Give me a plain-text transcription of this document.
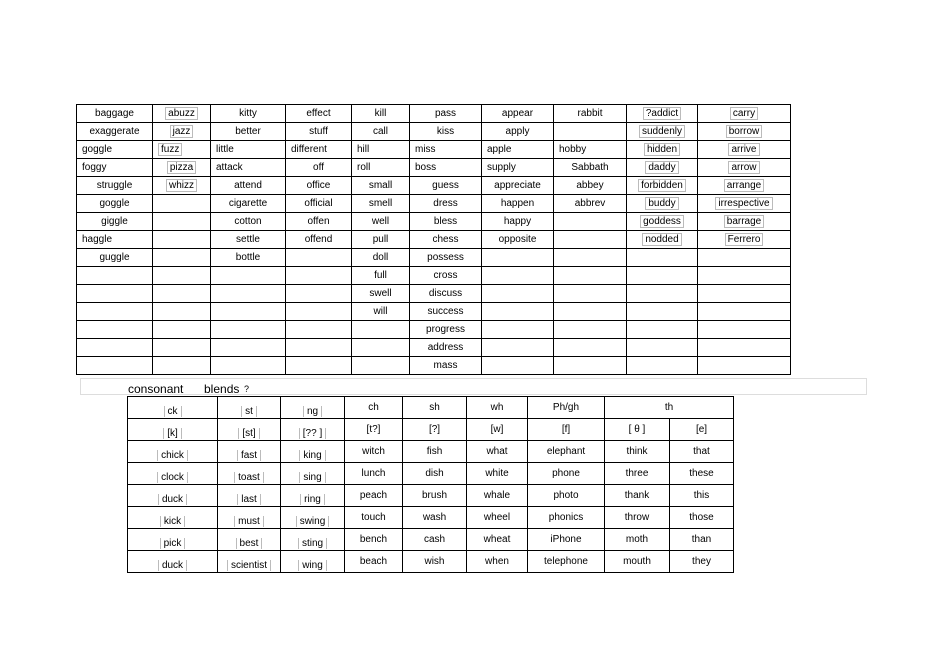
baggage	abuzz	kitty	effect	kill	pass	appear	rabbit	?addict	carry
exaggerate	jazz	better	stuff	call	kiss	apply		suddenly	borrow
goggle	fuzz	little	different	hill	miss	apple	hobby	hidden	arrive
foggy	pizza	attack	off	roll	boss	supply	Sabbath	daddy	arrow
struggle	whizz	attend	office	small	guess	appreciate	abbey	forbidden	arrange
goggle		cigarette	official	smell	dress	happen	abbrev	buddy	irrespective
giggle		cotton	offen	well	bless	happy		goddess	barrage
haggle		settle	offend	pull	chess	opposite		nodded	Ferrero
guggle		bottle		doll	possess				
				full	cross				
				swell	discuss				
				will	success				
					progress				
					address				
					mass				
consonant blends ?
ck	st	ng	ch	sh	wh	Ph/gh	th	
[k]	[st]	[?? ]	[t?]	[?]	[w]	[f]	[ θ ]	[e]
chick	fast	king	witch	fish	what	elephant	think	that
clock	toast	sing	lunch	dish	white	phone	three	these
duck	last	ring	peach	brush	whale	photo	thank	this
kick	must	swing	touch	wash	wheel	phonics	throw	those
pick	best	sting	bench	cash	wheat	iPhone	moth	than
duck	scientist	wing	beach	wish	when	telephone	mouth	they
